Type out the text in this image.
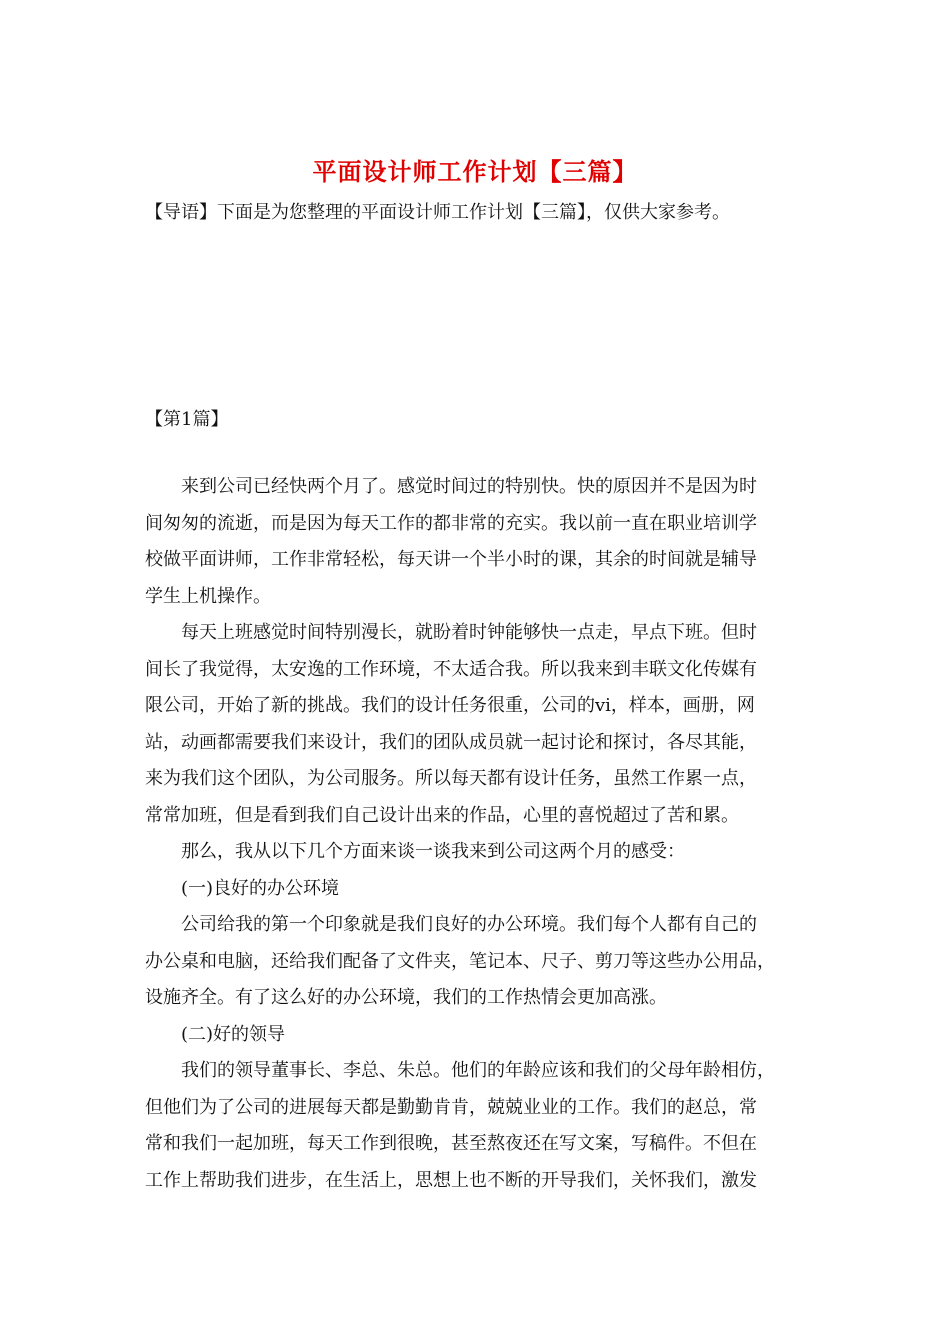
平面设计师工作计划【三篇】
【导语】下面是为您整理的平面设计师工作计划【三篇】，仅供大家参考。
【第1篇】

来到公司已经快两个月了。感觉时间过的特别快。快的原因并不是因为时
间匆匆的流逝，而是因为每天工作的都非常的充实。我以前一直在职业培训学
校做平面讲师，工作非常轻松，每天讲一个半小时的课，其余的时间就是辅导
学生上机操作。

每天上班感觉时间特别漫长，就盼着时钟能够快一点走，早点下班。但时
间长了我觉得，太安逸的工作环境，不太适合我。所以我来到丰联文化传媒有
限公司，开始了新的挑战。我们的设计任务很重，公司的vi，样本，画册，网
站，动画都需要我们来设计，我们的团队成员就一起讨论和探讨，各尽其能，
来为我们这个团队，为公司服务。所以每天都有设计任务，虽然工作累一点，
常常加班，但是看到我们自己设计出来的作品，心里的喜悦超过了苦和累。

那么，我从以下几个方面来谈一谈我来到公司这两个月的感受：

(一)良好的办公环境

公司给我的第一个印象就是我们良好的办公环境。我们每个人都有自己的
办公桌和电脑，还给我们配备了文件夹，笔记本、尺子、剪刀等这些办公用品，
设施齐全。有了这么好的办公环境，我们的工作热情会更加高涨。

(二)好的领导

我们的领导董事长、李总、朱总。他们的年龄应该和我们的父母年龄相仿，
但他们为了公司的进展每天都是勤勤肯肯，兢兢业业的工作。我们的赵总，常
常和我们一起加班，每天工作到很晚，甚至熬夜还在写文案，写稿件。不但在
工作上帮助我们进步，在生活上，思想上也不断的开导我们，关怀我们，激发
